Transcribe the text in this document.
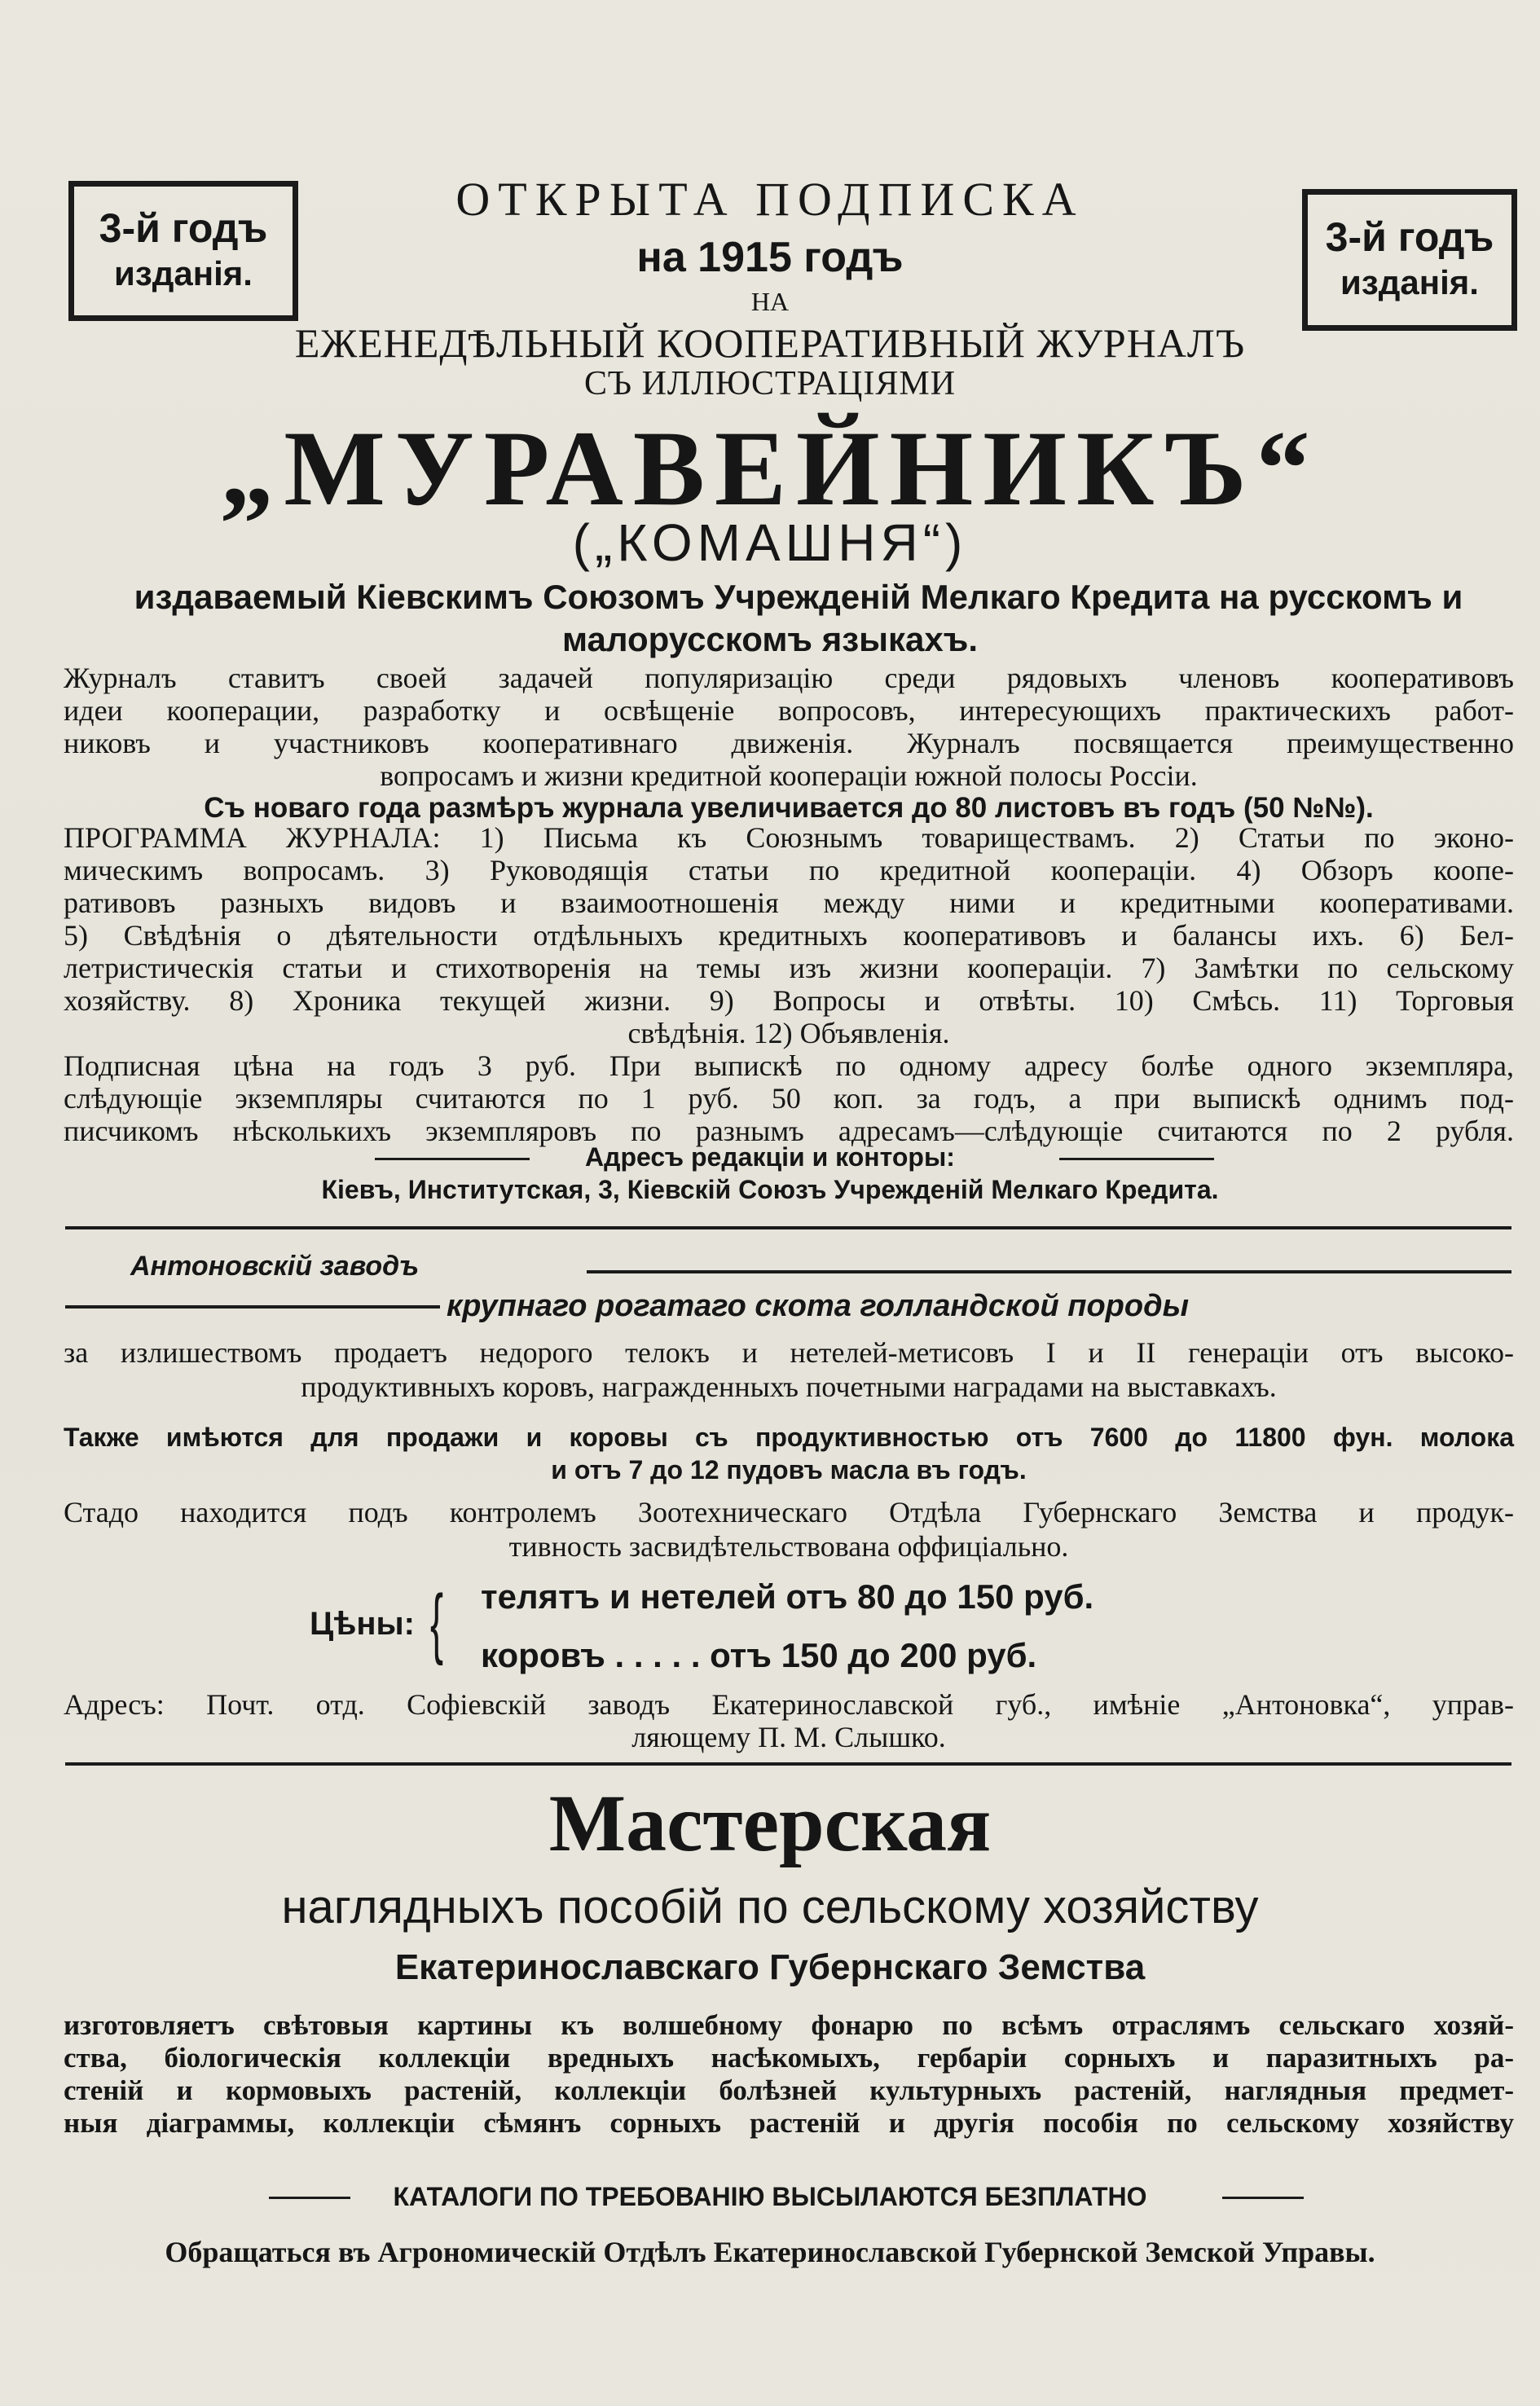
3-й годъ
изданія.
3-й годъ
изданія.
ОТКРЫТА ПОДПИСКА
на 1915 годъ
НА
ЕЖЕНЕДѢЛЬНЫЙ КООПЕРАТИВНЫЙ ЖУРНАЛЪ
СЪ ИЛЛЮСТРАЦІЯМИ
„МУРАВЕЙНИКЪ“
(„КОМАШНЯ“)
издаваемый Кіевскимъ Союзомъ Учрежденій Мелкаго Кредита на русскомъ и
малорусскомъ языкахъ.
Журналъ ставитъ своей задачей популяризацію среди рядовыхъ членовъ кооперативовъ
идеи кооперации, разработку и освѣщеніе вопросовъ, интересующихъ практическихъ работ-
никовъ и участниковъ кооперативнаго движенія. Журналъ посвящается преимущественно
вопросамъ и жизни кредитной коопераціи южной полосы Россіи.
Съ новаго года размѣръ журнала увеличивается до 80 листовъ въ годъ (50 №№).
ПРОГРАММА ЖУРНАЛА: 1) Письма къ Союзнымъ товариществамъ. 2) Статьи по эконо-
мическимъ вопросамъ. 3) Руководящія статьи по кредитной коопераціи. 4) Обзоръ коопе-
ративовъ разныхъ видовъ и взаимоотношенія между ними и кредитными кооперативами.
5) Свѣдѣнія о дѣятельности отдѣльныхъ кредитныхъ кооперативовъ и балансы ихъ. 6) Бел-
летристическія статьи и стихотворенія на темы изъ жизни коопераціи. 7) Замѣтки по сельскому
хозяйству. 8) Хроника текущей жизни. 9) Вопросы и отвѣты. 10) Смѣсь. 11) Торговыя
свѣдѣнія. 12) Объявленія.
Подписная цѣна на годъ 3 руб. При выпискѣ по одному адресу болѣе одного экземпляра,
слѣдующіе экземпляры считаются по 1 руб. 50 коп. за годъ, а при выпискѣ однимъ под-
писчикомъ нѣсколькихъ экземпляровъ по разнымъ адресамъ—слѣдующіе считаются по 2 рубля.
Адресъ редакціи и конторы:
Кіевъ, Институтская, 3, Кіевскій Союзъ Учрежденій Мелкаго Кредита.
Антоновскій заводъ
крупнаго рогатаго скота голландской породы
за излишествомъ продаетъ недорого телокъ и нетелей-метисовъ I и II генераціи отъ высоко-
продуктивныхъ коровъ, награжденныхъ почетными наградами на выставкахъ.
Также имѣются для продажи и коровы съ продуктивностью отъ 7600 до 11800 фун. молока
и отъ 7 до 12 пудовъ масла въ годъ.
Стадо находится подъ контролемъ Зоотехническаго Отдѣла Губернскаго Земства и продук-
тивность засвидѣтельствована оффиціально.
Цѣны: { телятъ и нетелей отъ 80 до 150 руб.
коровъ . . . . . отъ 150 до 200 руб.
Адресъ: Почт. отд. Софіевскій заводъ Екатеринославской губ., имѣніе „Антоновка“, управ-
ляющему П. М. Слышко.
Мастерская
наглядныхъ пособій по сельскому хозяйству
Екатеринославскаго Губернскаго Земства
изготовляетъ свѣтовыя картины къ волшебному фонарю по всѣмъ отраслямъ сельскаго хозяй-
ства, біологическія коллекціи вредныхъ насѣкомыхъ, гербаріи сорныхъ и паразитныхъ ра-
стеній и кормовыхъ растеній, коллекціи болѣзней культурныхъ растеній, наглядныя предмет-
ныя діаграммы, коллекціи сѣмянъ сорныхъ растеній и другія пособія по сельскому хозяйству
КАТАЛОГИ ПО ТРЕБОВАНІЮ ВЫСЫЛАЮТСЯ БЕЗПЛАТНО
Обращаться въ Агрономическій Отдѣлъ Екатеринославской Губернской Земской Управы.
